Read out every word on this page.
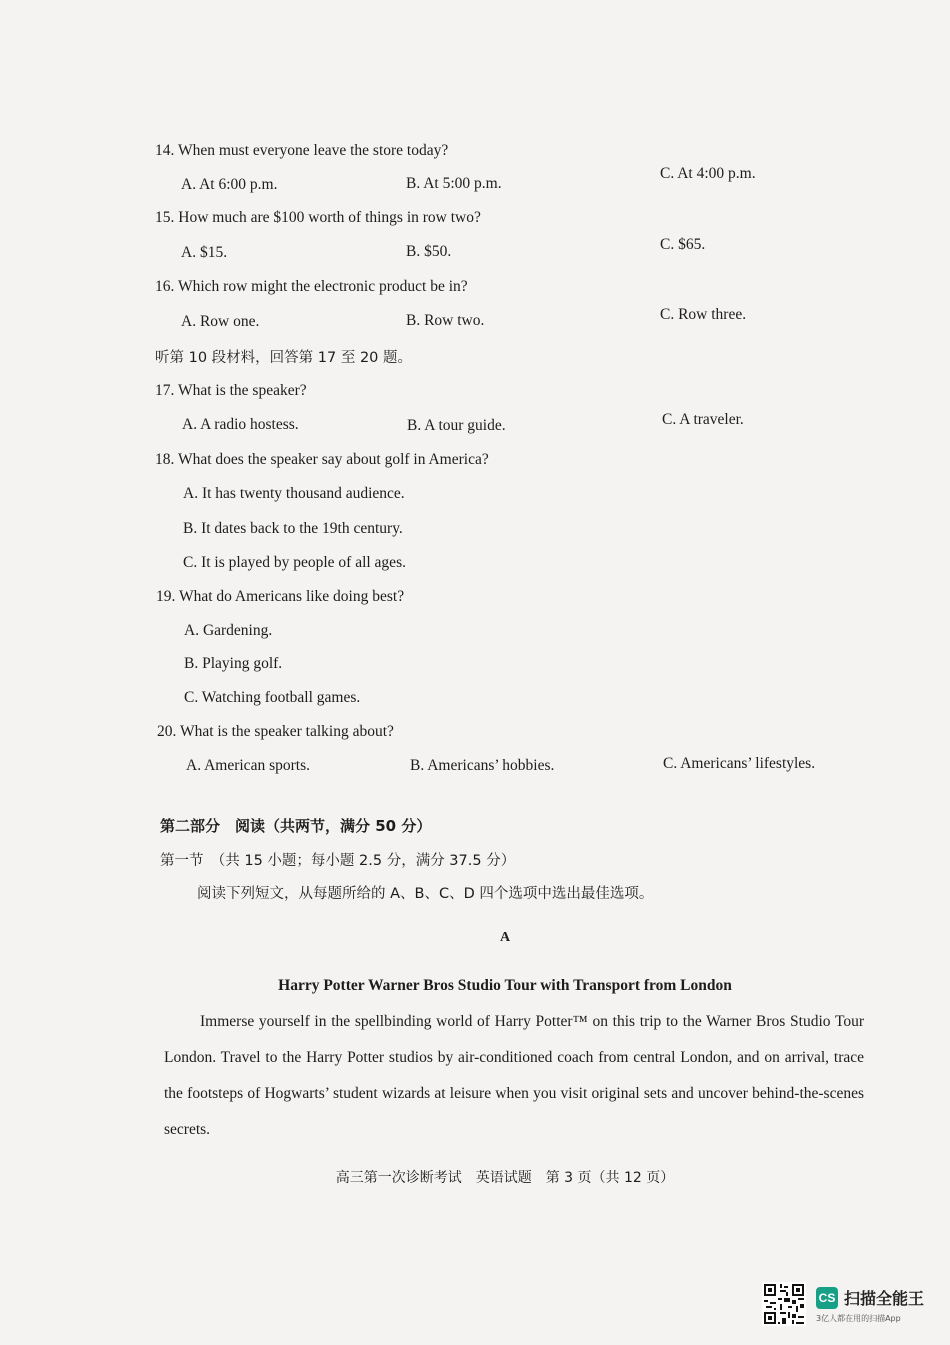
14. When must everyone leave the store today?
A. At 6:00 p.m.	B. At 5:00 p.m.
C. At 4:00 p.m.
15. How much are $100 worth of things in row two?
A. $15.	B. $50.	C. $65.
16. Which row might the electronic product be in?
A. Row one.	B. Row two.	C. Row three.
听第 10 段材料，回答第 17 至 20 题。
17. What is the speaker?
A. A radio hostess.	B. A tour guide.	C. A traveler.
18. What does the speaker say about golf in America?
A. It has twenty thousand audience.
B. It dates back to the 19th century.
C. It is played by people of all ages.
19. What do Americans like doing best?
A. Gardening.
B. Playing golf.
C. Watching football games.
20. What is the speaker talking about?
A. American sports.	B. Americans’ hobbies.	C. Americans’ lifestyles.
第二部分　阅读（共两节，满分 50 分）
第一节　（共 15 小题；每小题 2.5 分，满分 37.5 分）
阅读下列短文，从每题所给的 A、B、C、D 四个选项中选出最佳选项。
A
Harry Potter Warner Bros Studio Tour with Transport from London
Immerse yourself in the spellbinding world of Harry Potter™ on this trip to the Warner Bros Studio Tour London. Travel to the Harry Potter studios by air-conditioned coach from central London, and on arrival, trace the footsteps of Hogwarts’ student wizards at leisure when you visit original sets and uncover behind-the-scenes secrets.
高三第一次诊断考试　英语试题　第 3 页（共 12 页）
CS 扫描全能王
3亿人都在用的扫描App
